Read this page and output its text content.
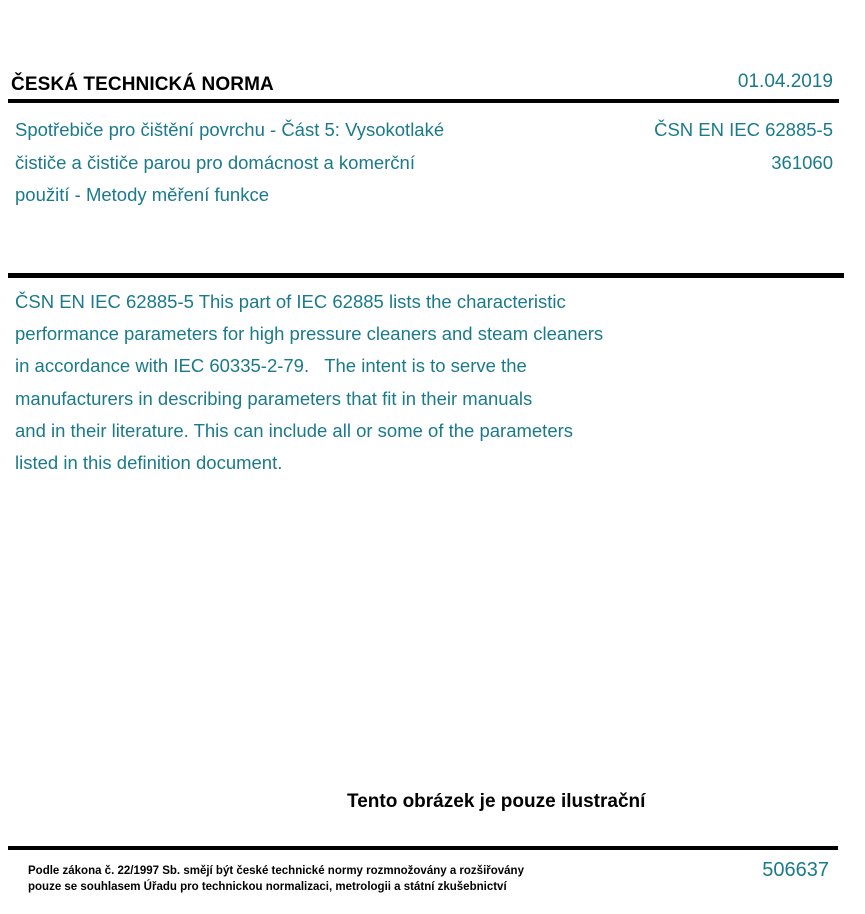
ČESKÁ TECHNICKÁ NORMA	01.04.2019
Spotřebiče pro čištění povrchu - Část 5: Vysokotlaké
čističe a čističe parou pro domácnost a komerční
použití - Metody měření funkce
ČSN EN IEC 62885-5
361060
ČSN EN IEC 62885-5 This part of IEC 62885 lists the characteristic
performance parameters for high pressure cleaners and steam cleaners
in accordance with IEC 60335-2-79.   The intent is to serve the
manufacturers in describing parameters that fit in their manuals
and in their literature. This can include all or some of the parameters
listed in this definition document.
Tento obrázek je pouze ilustrační
Podle zákona č. 22/1997 Sb. smějí být české technické normy rozmnožovány a rozšiřovány
pouze se souhlasem Úřadu pro technickou normalizaci, metrologii a státní zkušebnictví
506637
